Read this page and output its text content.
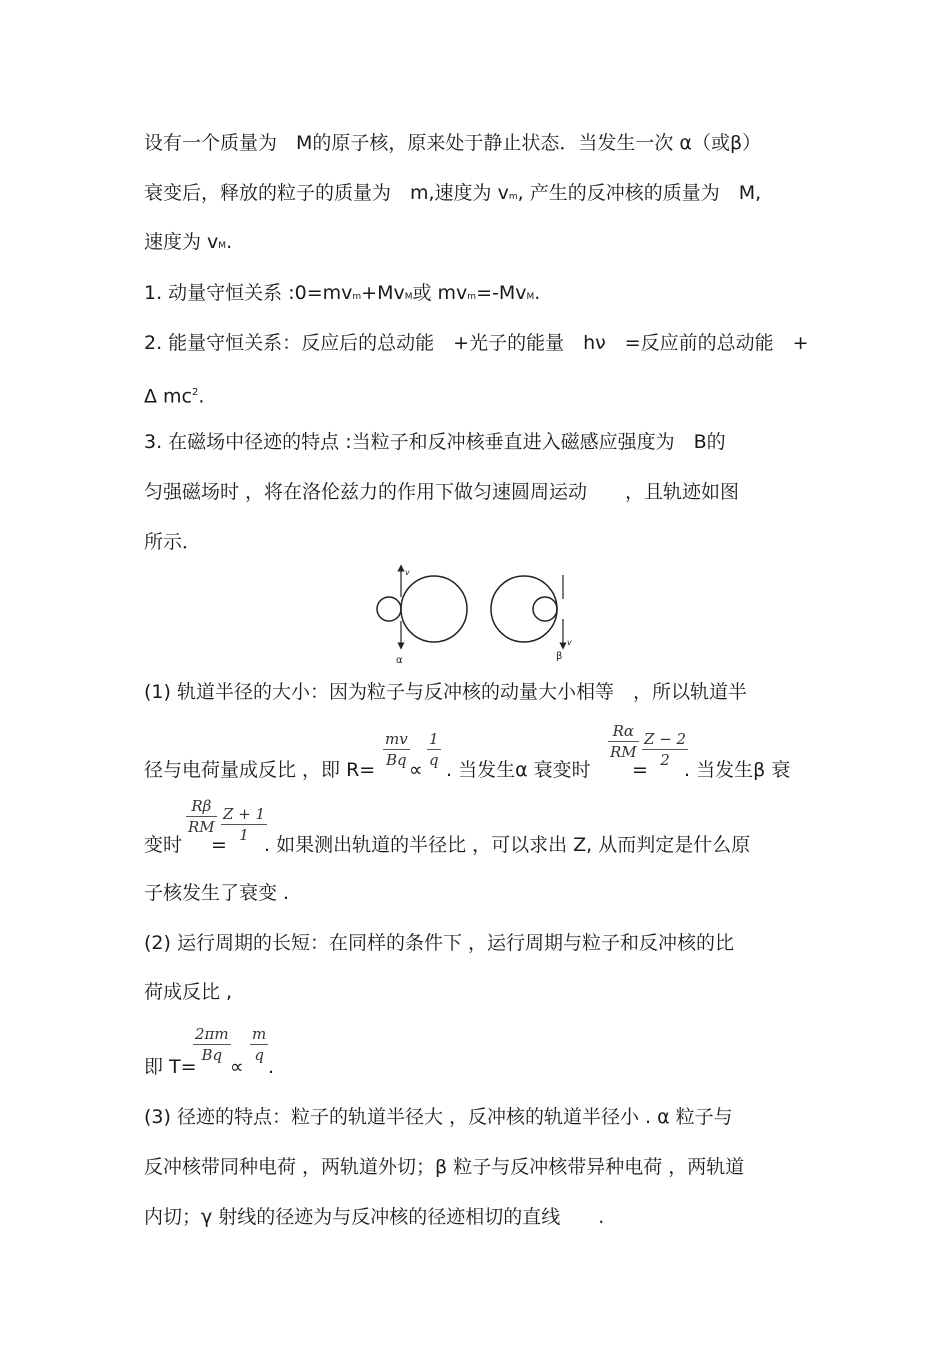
设有一个质量为　M的原子核，原来处于静止状态．当发生一次 α（或β）
衰变后，释放的粒子的质量为　m,速度为 vm, 产生的反冲核的质量为　M,
速度为 vM.
1. 动量守恒关系 :0=mvm+MvM或 mvm=-MvM.
2. 能量守恒关系：反应后的总动能　+光子的能量　hν　=反应前的总动能　+
Δ $mc^2$.
3. 在磁场中径迹的特点 :当粒子和反冲核垂直进入磁感应强度为　B的
匀强磁场时 ，将在洛伦兹力的作用下做匀速圆周运动　　，且轨迹如图
所示．
v
α
v
β
(1) 轨道半径的大小：因为粒子与反冲核的动量大小相等　，所以轨道半
径与电荷量成反比 ，即 R=
mv
Bq ∝
1
q . 当发生α 衰变时
Rα
RM
=
Z − 2
2 . 当发生β 衰
变时
Rβ
RM
=
Z + 1
1 . 如果测出轨道的半径比 ，可以求出 Z, 从而判定是什么原
子核发生了衰变 .
(2) 运行周期的长短：在同样的条件下 ，运行周期与粒子和反冲核的比
荷成反比 ,
即 T=
2πm
Bq
∝
m
q
.
(3) 径迹的特点：粒子的轨道半径大 ，反冲核的轨道半径小 . α 粒子与
反冲核带同种电荷 ，两轨道外切；β 粒子与反冲核带异种电荷 ，两轨道
内切；γ 射线的径迹为与反冲核的径迹相切的直线　　.
